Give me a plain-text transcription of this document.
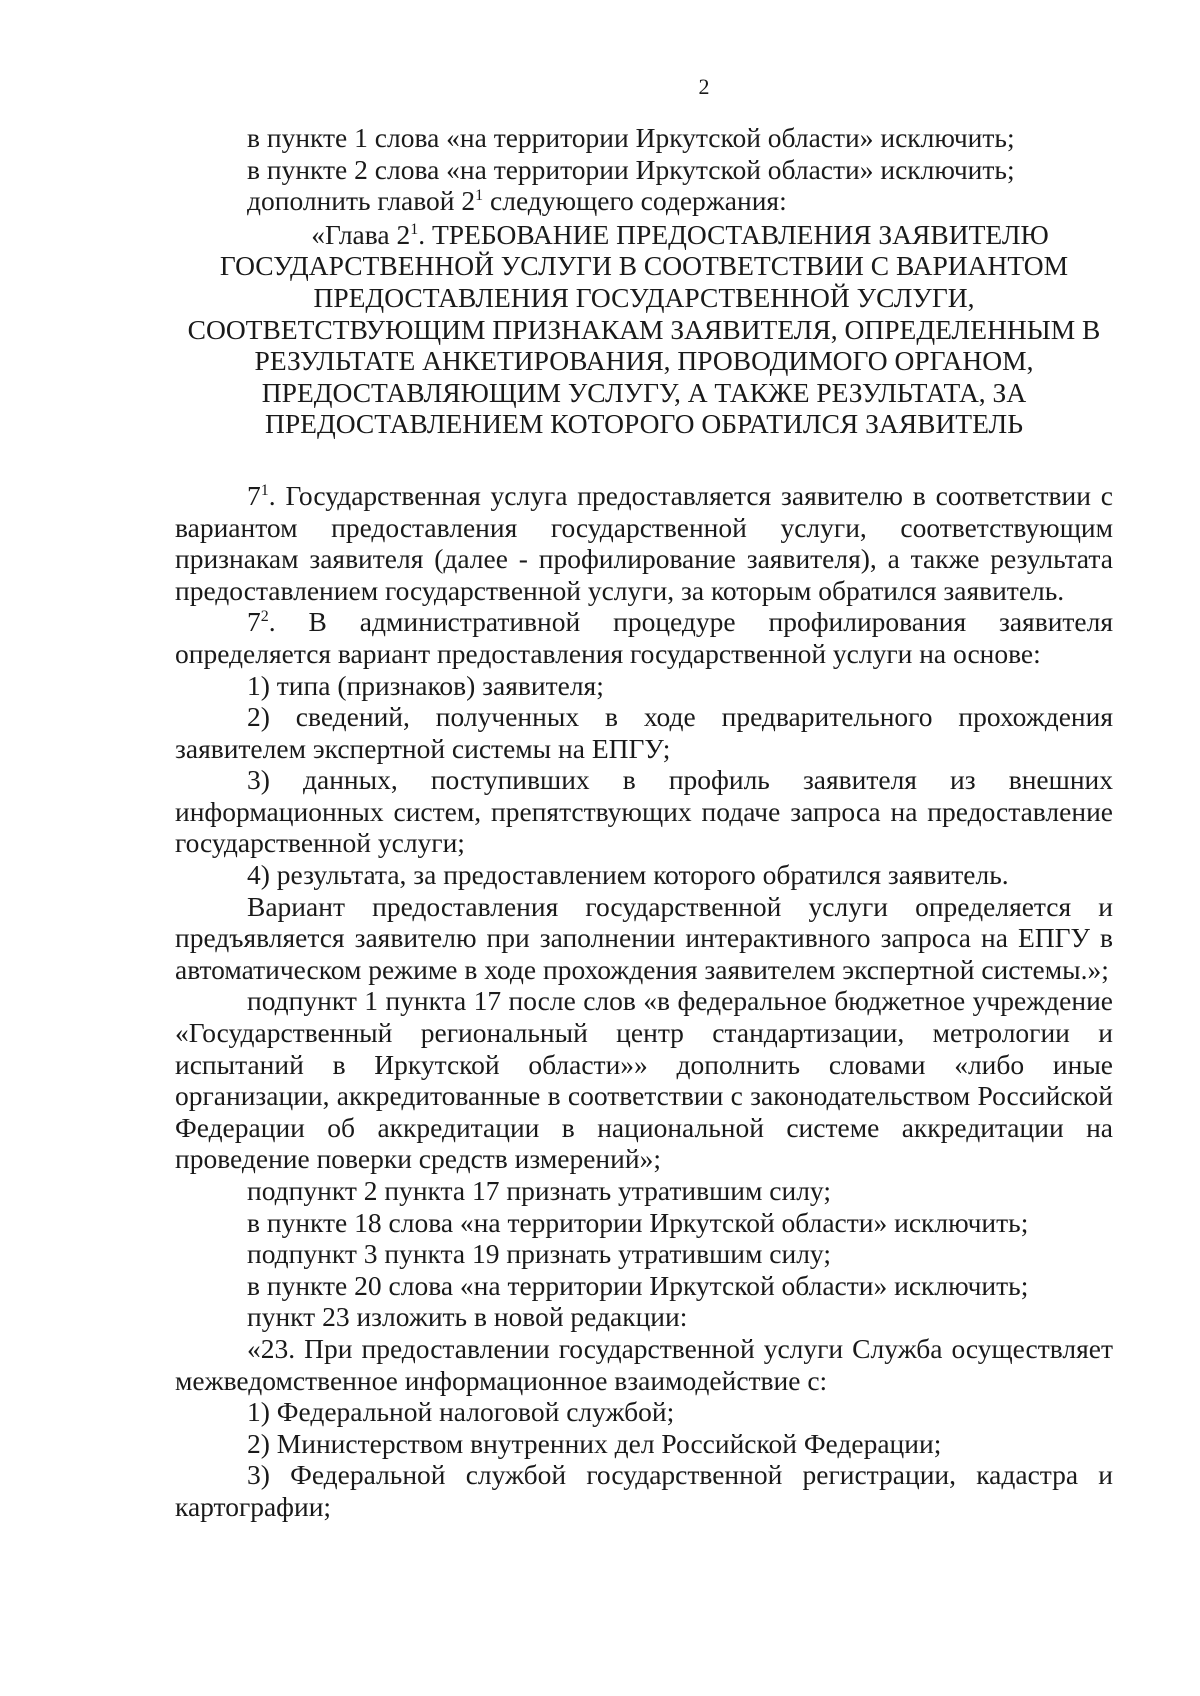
2
в пункте 1 слова «на территории Иркутской области» исключить;
в пункте 2 слова «на территории Иркутской области» исключить;
дополнить главой $2^1$ следующего содержания:
«Глава $2^1$. ТРЕБОВАНИЕ ПРЕДОСТАВЛЕНИЯ ЗАЯВИТЕЛЮ
ГОСУДАРСТВЕННОЙ УСЛУГИ В СООТВЕТСТВИИ С ВАРИАНТОМ
ПРЕДОСТАВЛЕНИЯ ГОСУДАРСТВЕННОЙ УСЛУГИ,
СООТВЕТСТВУЮЩИМ ПРИЗНАКАМ ЗАЯВИТЕЛЯ, ОПРЕДЕЛЕННЫМ В
РЕЗУЛЬТАТЕ АНКЕТИРОВАНИЯ, ПРОВОДИМОГО ОРГАНОМ,
ПРЕДОСТАВЛЯЮЩИМ УСЛУГУ, А ТАКЖЕ РЕЗУЛЬТАТА, ЗА
ПРЕДОСТАВЛЕНИЕМ КОТОРОГО ОБРАТИЛСЯ ЗАЯВИТЕЛЬ

$7^1$. Государственная услуга предоставляется заявителю в соответствии с вариантом предоставления государственной услуги, соответствующим признакам заявителя (далее - профилирование заявителя), а также результата предоставлением государственной услуги, за которым обратился заявитель.

$7^2$. В административной процедуре профилирования заявителя определяется вариант предоставления государственной услуги на основе:

1) типа (признаков) заявителя;

2) сведений, полученных в ходе предварительного прохождения заявителем экспертной системы на ЕПГУ;

3) данных, поступивших в профиль заявителя из внешних информационных систем, препятствующих подаче запроса на предоставление государственной услуги;

4) результата, за предоставлением которого обратился заявитель.

Вариант предоставления государственной услуги определяется и предъявляется заявителю при заполнении интерактивного запроса на ЕПГУ в автоматическом режиме в ходе прохождения заявителем экспертной системы.»;

подпункт 1 пункта 17 после слов «в федеральное бюджетное учреждение «Государственный региональный центр стандартизации, метрологии и испытаний в Иркутской области»» дополнить словами «либо иные организации, аккредитованные в соответствии с законодательством Российской Федерации об аккредитации в национальной системе аккредитации на проведение поверки средств измерений»;

подпункт 2 пункта 17 признать утратившим силу;

в пункте 18 слова «на территории Иркутской области» исключить;

подпункт 3 пункта 19 признать утратившим силу;

в пункте 20 слова «на территории Иркутской области» исключить;

пункт 23 изложить в новой редакции:

«23. При предоставлении государственной услуги Служба осуществляет межведомственное информационное взаимодействие с:

1) Федеральной налоговой службой;

2) Министерством внутренних дел Российской Федерации;

3) Федеральной службой государственной регистрации, кадастра и картографии;
